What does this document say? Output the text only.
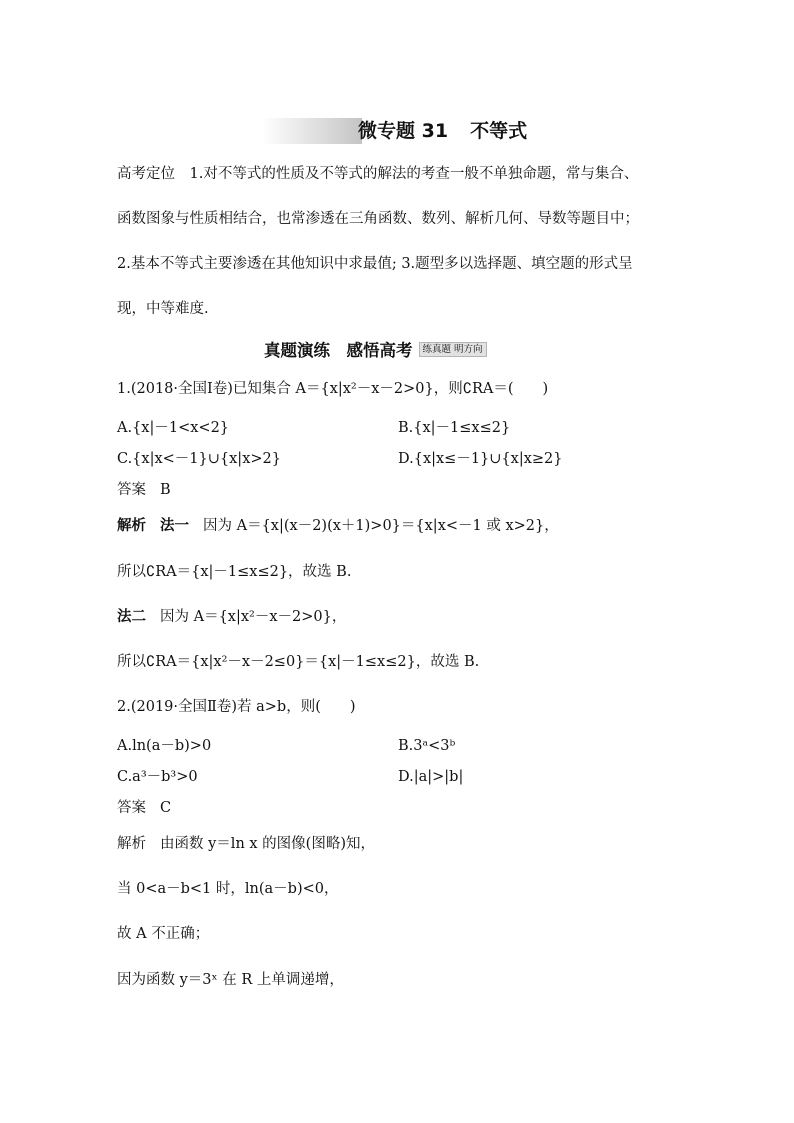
微专题 31 不等式
高考定位　1.对不等式的性质及不等式的解法的考查一般不单独命题，常与集合、
函数图象与性质相结合，也常渗透在三角函数、数列、解析几何、导数等题目中；
2.基本不等式主要渗透在其他知识中求最值; 3.题型多以选择题、填空题的形式呈
现，中等难度.
真题演练　感悟高考 练真题 明方向
1.(2018·全国Ⅰ卷)已知集合 A＝{x|x²－x－2>0}，则∁RA＝(　　)
A.{x|－1<x<2}	B.{x|－1≤x≤2}
C.{x|x<－1}∪{x|x>2}	D.{x|x≤－1}∪{x|x≥2}
答案 B
解析 法一 因为 A＝{x|(x－2)(x＋1)>0}＝{x|x<－1 或 x>2}，
所以∁RA＝{x|－1≤x≤2}，故选 B.
法二 因为 A＝{x|x²－x－2>0}，
所以∁RA＝{x|x²－x－2≤0}＝{x|－1≤x≤2}，故选 B.
2.(2019·全国Ⅱ卷)若 a>b，则(　　)
A.ln(a－b)>0	B.3ᵃ<3ᵇ
C.a³－b³>0	D.|a|>|b|
答案 C
解析 由函数 y＝ln x 的图像(图略)知，
当 0<a－b<1 时，ln(a－b)<0，
故 A 不正确；
因为函数 y＝3ˣ 在 R 上单调递增，
